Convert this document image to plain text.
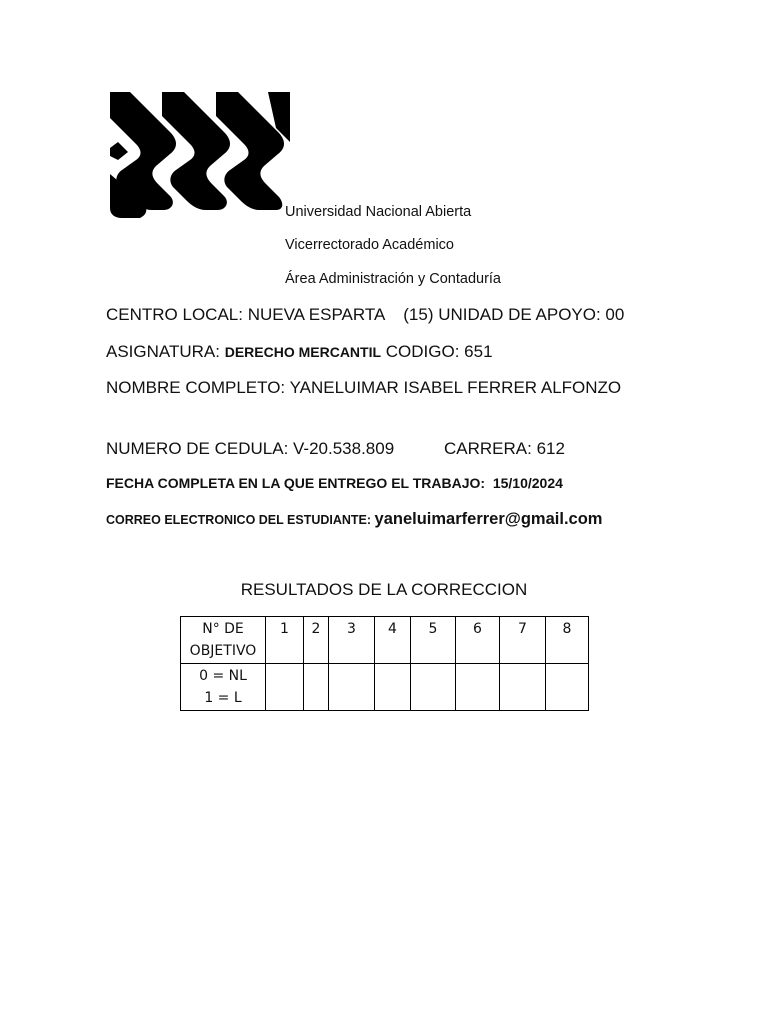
Universidad Nacional Abierta
Vicerrectorado Académico
Área Administración y Contaduría
CENTRO LOCAL: NUEVA ESPARTA    (15) UNIDAD DE APOYO: 00
ASIGNATURA: DERECHO MERCANTIL CODIGO: 651
NOMBRE COMPLETO: YANELUIMAR ISABEL FERRER ALFONZO
NUMERO DE CEDULA: V-20.538.809	CARRERA: 612
FECHA COMPLETA EN LA QUE ENTREGO EL TRABAJO:  15/10/2024
CORREO ELECTRONICO DEL ESTUDIANTE: yaneluimarferrer@gmail.com
RESULTADOS DE LA CORRECCION
N° DE
OBJETIVO	1	2	3	4	5	6	7	8

0 = NL
1 = L								
